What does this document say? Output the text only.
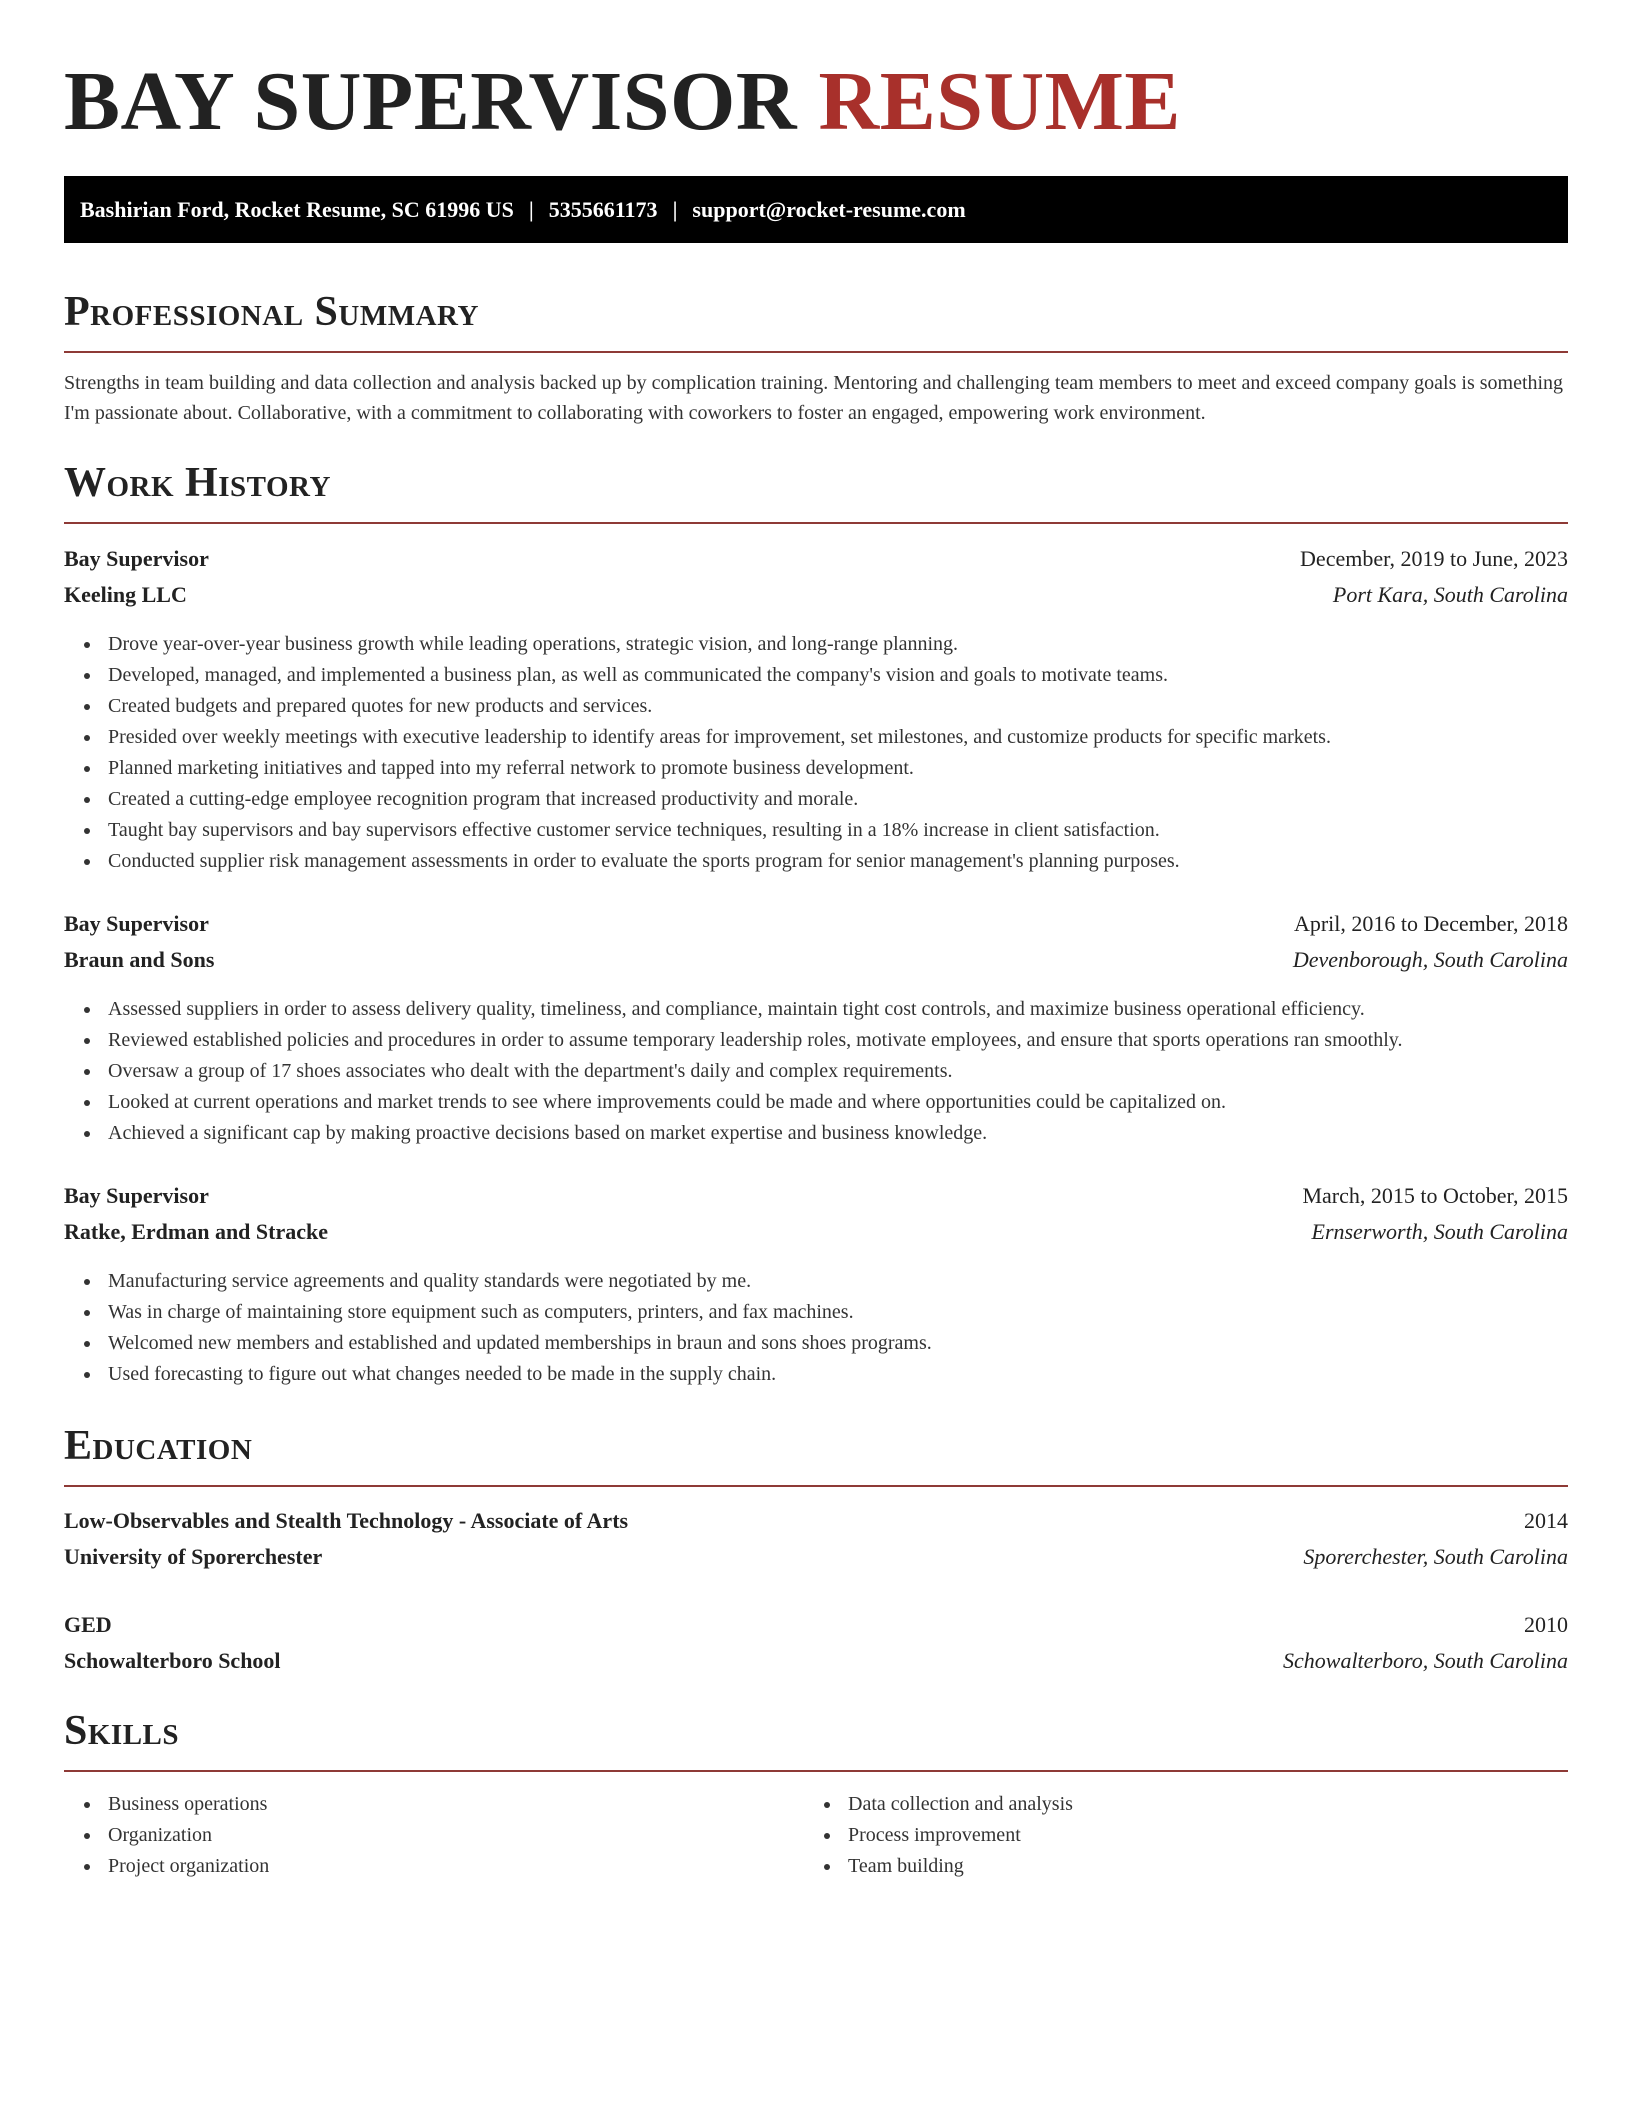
BAY SUPERVISOR RESUME
Bashirian Ford, Rocket Resume, SC 61996 US | 5355661173 | support@rocket-resume.com
Professional Summary
Strengths in team building and data collection and analysis backed up by complication training. Mentoring and challenging team members to meet and exceed company goals is something I'm passionate about. Collaborative, with a commitment to collaborating with coworkers to foster an engaged, empowering work environment.
Work History
Bay Supervisor	December, 2019 to June, 2023
Keeling LLC	Port Kara, South Carolina
Drove year-over-year business growth while leading operations, strategic vision, and long-range planning.
Developed, managed, and implemented a business plan, as well as communicated the company's vision and goals to motivate teams.
Created budgets and prepared quotes for new products and services.
Presided over weekly meetings with executive leadership to identify areas for improvement, set milestones, and customize products for specific markets.
Planned marketing initiatives and tapped into my referral network to promote business development.
Created a cutting-edge employee recognition program that increased productivity and morale.
Taught bay supervisors and bay supervisors effective customer service techniques, resulting in a 18% increase in client satisfaction.
Conducted supplier risk management assessments in order to evaluate the sports program for senior management's planning purposes.
Bay Supervisor	April, 2016 to December, 2018
Braun and Sons	Devenborough, South Carolina
Assessed suppliers in order to assess delivery quality, timeliness, and compliance, maintain tight cost controls, and maximize business operational efficiency.
Reviewed established policies and procedures in order to assume temporary leadership roles, motivate employees, and ensure that sports operations ran smoothly.
Oversaw a group of 17 shoes associates who dealt with the department's daily and complex requirements.
Looked at current operations and market trends to see where improvements could be made and where opportunities could be capitalized on.
Achieved a significant cap by making proactive decisions based on market expertise and business knowledge.
Bay Supervisor	March, 2015 to October, 2015
Ratke, Erdman and Stracke	Ernserworth, South Carolina
Manufacturing service agreements and quality standards were negotiated by me.
Was in charge of maintaining store equipment such as computers, printers, and fax machines.
Welcomed new members and established and updated memberships in braun and sons shoes programs.
Used forecasting to figure out what changes needed to be made in the supply chain.
Education
Low-Observables and Stealth Technology - Associate of Arts	2014
University of Sporerchester	Sporerchester, South Carolina
GED	2010
Schowalterboro School	Schowalterboro, South Carolina
Skills
Business operations
Organization
Project organization
Data collection and analysis
Process improvement
Team building
